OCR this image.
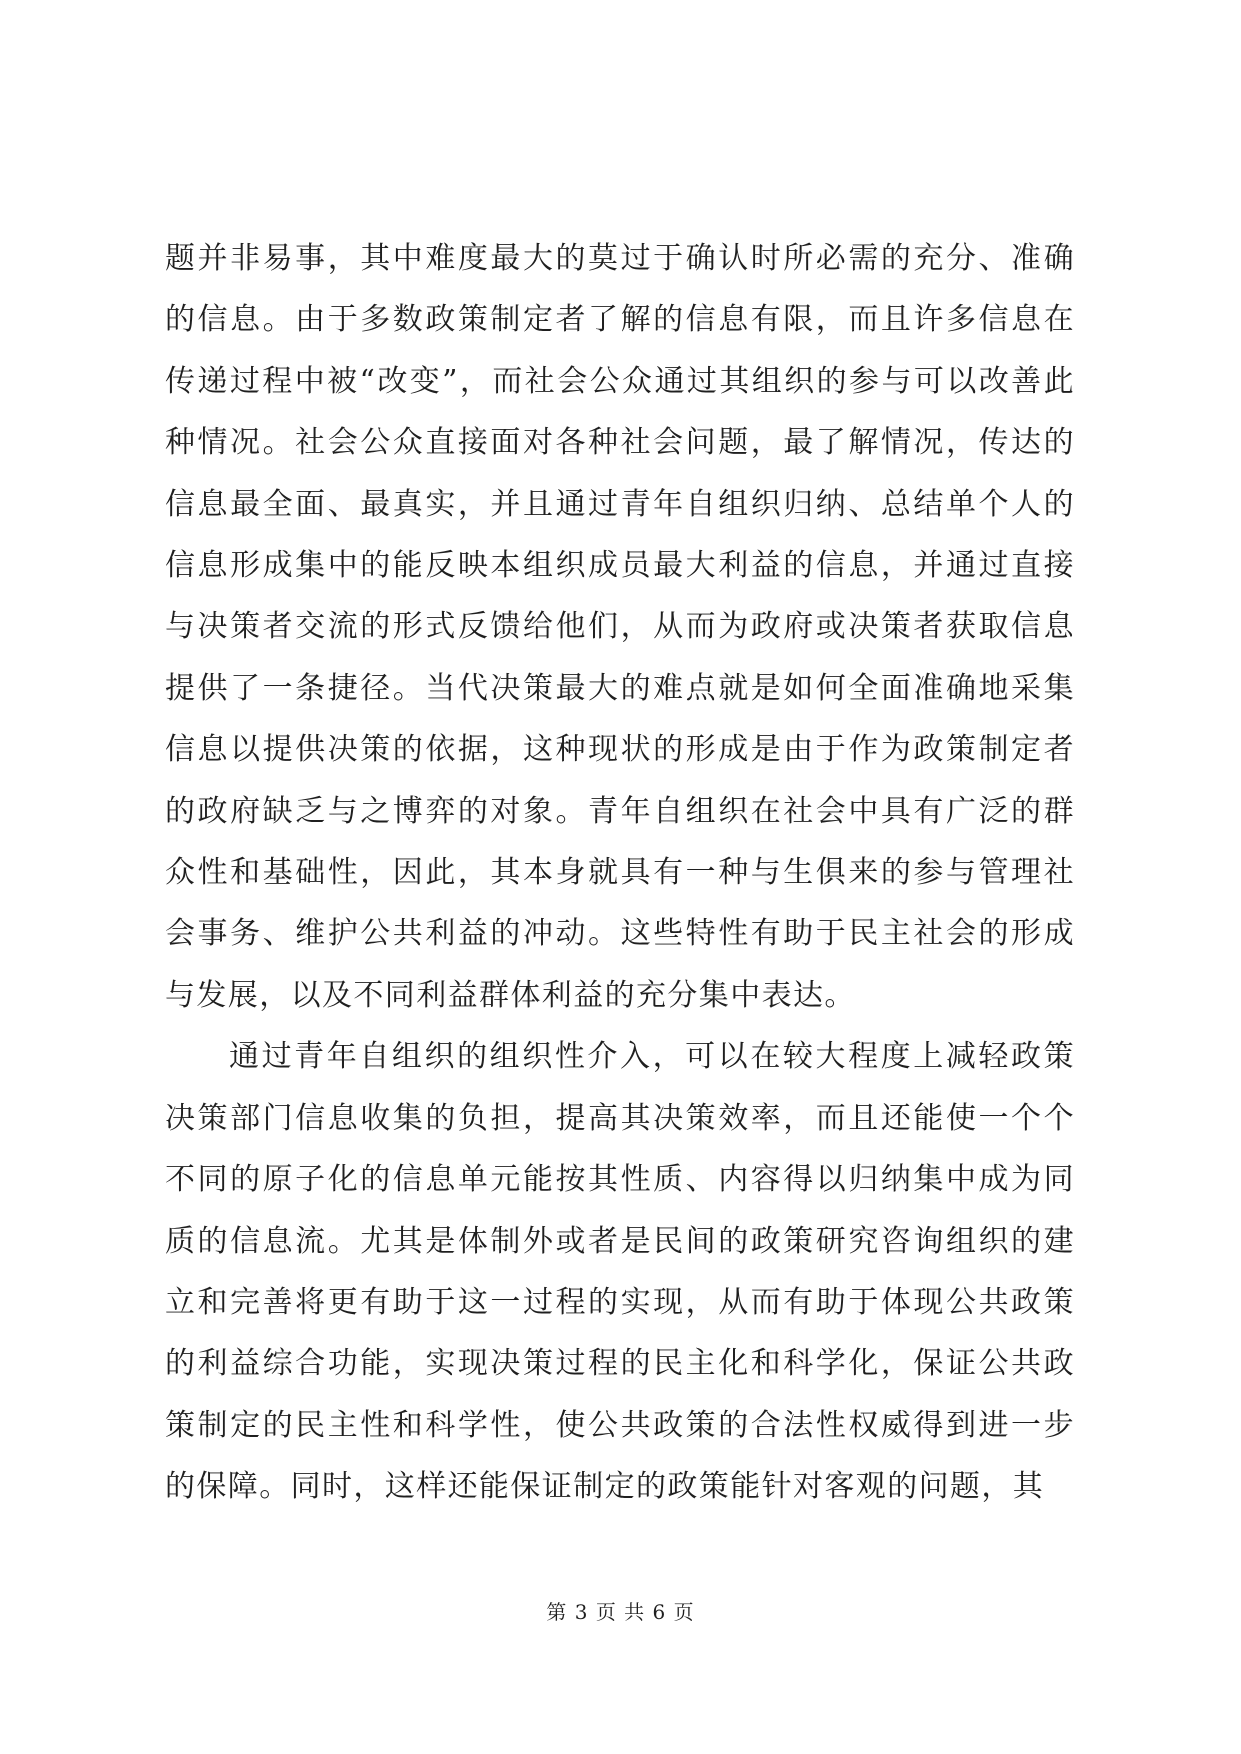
题并非易事，其中难度最大的莫过于确认时所必需的充分、准确的信息。由于多数政策制定者了解的信息有限，而且许多信息在传递过程中被“改变”，而社会公众通过其组织的参与可以改善此种情况。社会公众直接面对各种社会问题，最了解情况，传达的信息最全面、最真实，并且通过青年自组织归纳、总结单个人的信息形成集中的能反映本组织成员最大利益的信息，并通过直接与决策者交流的形式反馈给他们，从而为政府或决策者获取信息提供了一条捷径。当代决策最大的难点就是如何全面准确地采集信息以提供决策的依据，这种现状的形成是由于作为政策制定者的政府缺乏与之博弈的对象。青年自组织在社会中具有广泛的群众性和基础性，因此，其本身就具有一种与生俱来的参与管理社会事务、维护公共利益的冲动。这些特性有助于民主社会的形成与发展，以及不同利益群体利益的充分集中表达。

通过青年自组织的组织性介入，可以在较大程度上减轻政策决策部门信息收集的负担，提高其决策效率，而且还能使一个个不同的原子化的信息单元能按其性质、内容得以归纳集中成为同质的信息流。尤其是体制外或者是民间的政策研究咨询组织的建立和完善将更有助于这一过程的实现，从而有助于体现公共政策的利益综合功能，实现决策过程的民主化和科学化，保证公共政策制定的民主性和科学性，使公共政策的合法性权威得到进一步的保障。同时，这样还能保证制定的政策能针对客观的问题，其

第 3 页 共 6 页
